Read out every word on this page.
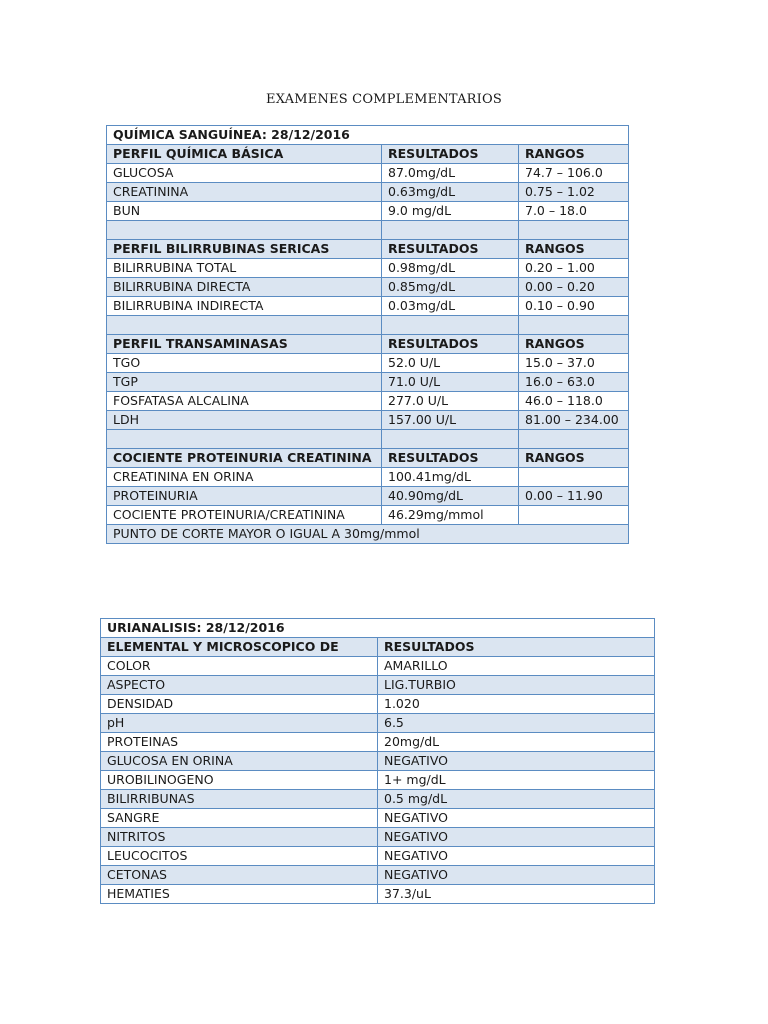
EXAMENES COMPLEMENTARIOS
QUÍMICA SANGUÍNEA: 28/12/2016		
PERFIL QUÍMICA BÁSICA	RESULTADOS	RANGOS
GLUCOSA	87.0mg/dL	74.7 – 106.0
CREATININA	0.63mg/dL	0.75 – 1.02
BUN	9.0 mg/dL	7.0 – 18.0

PERFIL BILIRRUBINAS SERICAS	RESULTADOS	RANGOS
BILIRRUBINA TOTAL	0.98mg/dL	0.20 – 1.00
BILIRRUBINA DIRECTA	0.85mg/dL	0.00 – 0.20
BILIRRUBINA INDIRECTA	0.03mg/dL	0.10 – 0.90

PERFIL TRANSAMINASAS	RESULTADOS	RANGOS
TGO	52.0 U/L	15.0 – 37.0
TGP	71.0 U/L	16.0 – 63.0
FOSFATASA ALCALINA	277.0 U/L	46.0 – 118.0
LDH	157.00 U/L	81.00 – 234.00

COCIENTE PROTEINURIA CREATININA	RESULTADOS	RANGOS
CREATININA EN ORINA	100.41mg/dL	
PROTEINURIA	40.90mg/dL	0.00 – 11.90
COCIENTE PROTEINURIA/CREATININA	46.29mg/mmol	
PUNTO DE CORTE MAYOR O IGUAL A 30mg/mmol		
URIANALISIS: 28/12/2016	
ELEMENTAL Y MICROSCOPICO DE	RESULTADOS
COLOR	AMARILLO
ASPECTO	LIG.TURBIO
DENSIDAD	1.020
pH	6.5
PROTEINAS	20mg/dL
GLUCOSA EN ORINA	NEGATIVO
UROBILINOGENO	1+ mg/dL
BILIRRIBUNAS	0.5 mg/dL
SANGRE	NEGATIVO
NITRITOS	NEGATIVO
LEUCOCITOS	NEGATIVO
CETONAS	NEGATIVO
HEMATIES	37.3/uL
